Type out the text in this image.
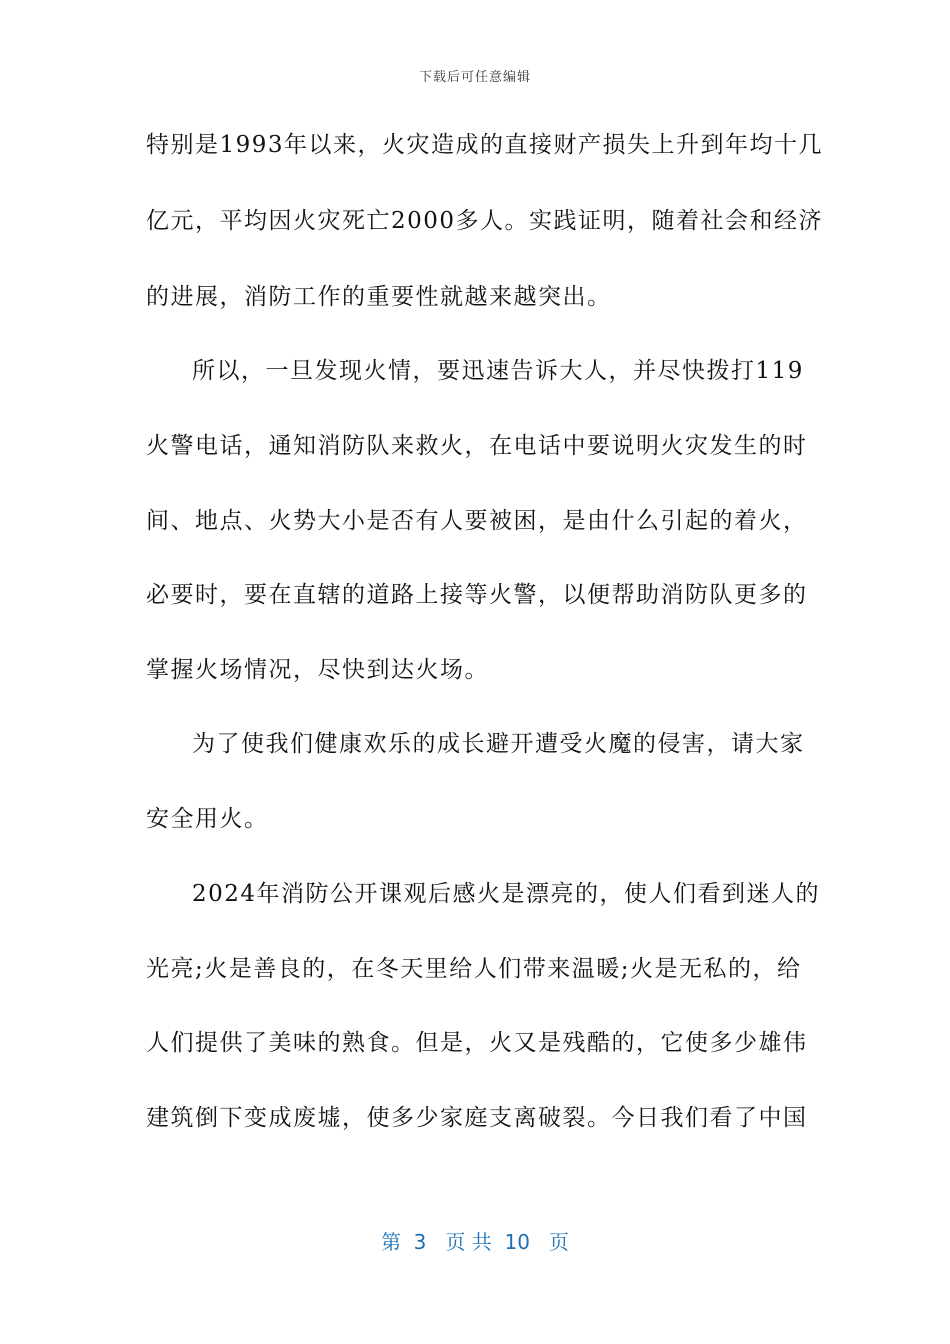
下载后可任意编辑
特别是1993年以来，火灾造成的直接财产损失上升到年均十几
亿元，平均因火灾死亡2000多人。实践证明，随着社会和经济
的进展，消防工作的重要性就越来越突出。
所以，一旦发现火情，要迅速告诉大人，并尽快拨打119
火警电话，通知消防队来救火，在电话中要说明火灾发生的时
间、地点、火势大小是否有人要被困，是由什么引起的着火，
必要时，要在直辖的道路上接等火警，以便帮助消防队更多的
掌握火场情况，尽快到达火场。
为了使我们健康欢乐的成长避开遭受火魔的侵害，请大家
安全用火。
2024年消防公开课观后感火是漂亮的，使人们看到迷人的
光亮;火是善良的，在冬天里给人们带来温暖;火是无私的，给
人们提供了美味的熟食。但是，火又是残酷的，它使多少雄伟
建筑倒下变成废墟，使多少家庭支离破裂。今日我们看了中国
第  3   页 共  10   页
